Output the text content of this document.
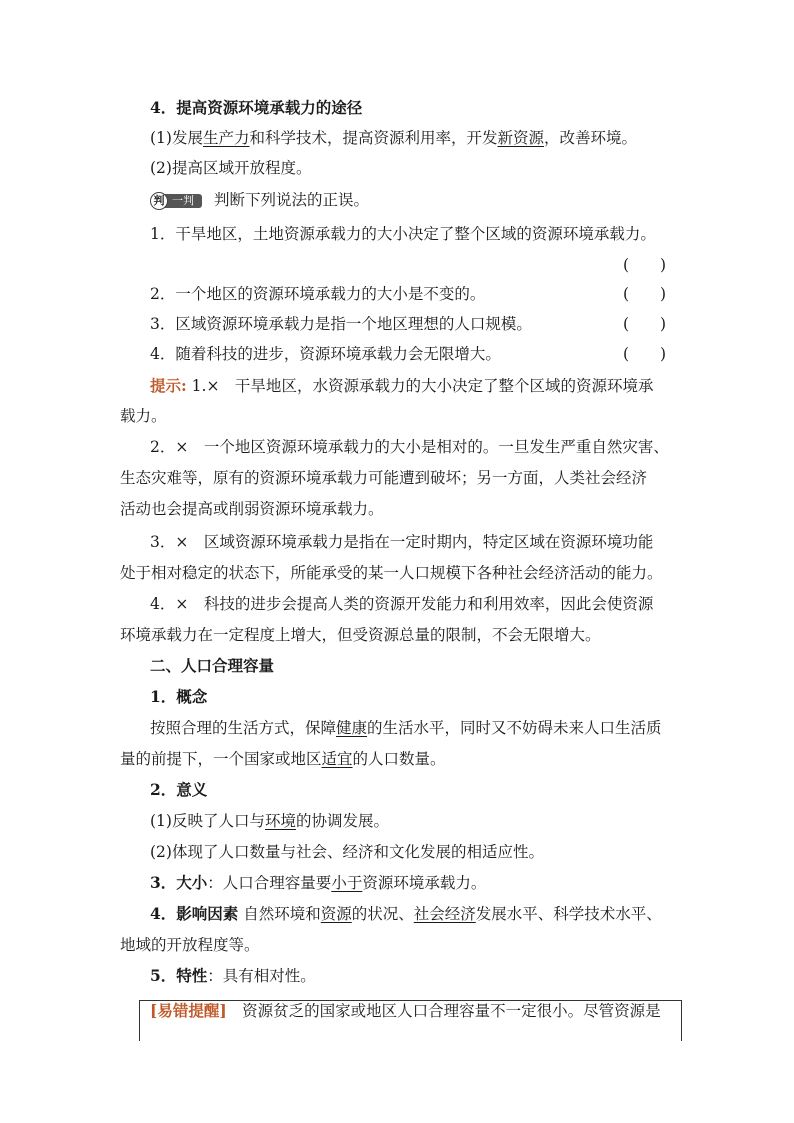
4．提高资源环境承载力的途径
(1)发展生产力和科学技术，提高资源利用率，开发新资源，改善环境。
(2)提高区域开放程度。
判 一判	判断下列说法的正误。
1．干旱地区，土地资源承载力的大小决定了整个区域的资源环境承载力。
(　　)
2．一个地区的资源环境承载力的大小是不变的。	(　　)
3．区域资源环境承载力是指一个地区理想的人口规模。	(　　)
4．随着科技的进步，资源环境承载力会无限增大。	(　　)
提示: 1.×　干旱地区，水资源承载力的大小决定了整个区域的资源环境承
载力。
2．×　一个地区资源环境承载力的大小是相对的。一旦发生严重自然灾害、
生态灾难等，原有的资源环境承载力可能遭到破坏；另一方面，人类社会经济
活动也会提高或削弱资源环境承载力。
3．×　区域资源环境承载力是指在一定时期内，特定区域在资源环境功能
处于相对稳定的状态下，所能承受的某一人口规模下各种社会经济活动的能力。
4．×　科技的进步会提高人类的资源开发能力和利用效率，因此会使资源
环境承载力在一定程度上增大，但受资源总量的限制，不会无限增大。
二、人口合理容量
1．概念
按照合理的生活方式，保障健康的生活水平，同时又不妨碍未来人口生活质
量的前提下，一个国家或地区适宜的人口数量。
2．意义
(1)反映了人口与环境的协调发展。
(2)体现了人口数量与社会、经济和文化发展的相适应性。
3．大小：人口合理容量要小于资源环境承载力。
4．影响因素 自然环境和资源的状况、社会经济发展水平、科学技术水平、
地域的开放程度等。
5．特性：具有相对性。
[易错提醒]　资源贫乏的国家或地区人口合理容量不一定很小。尽管资源是
